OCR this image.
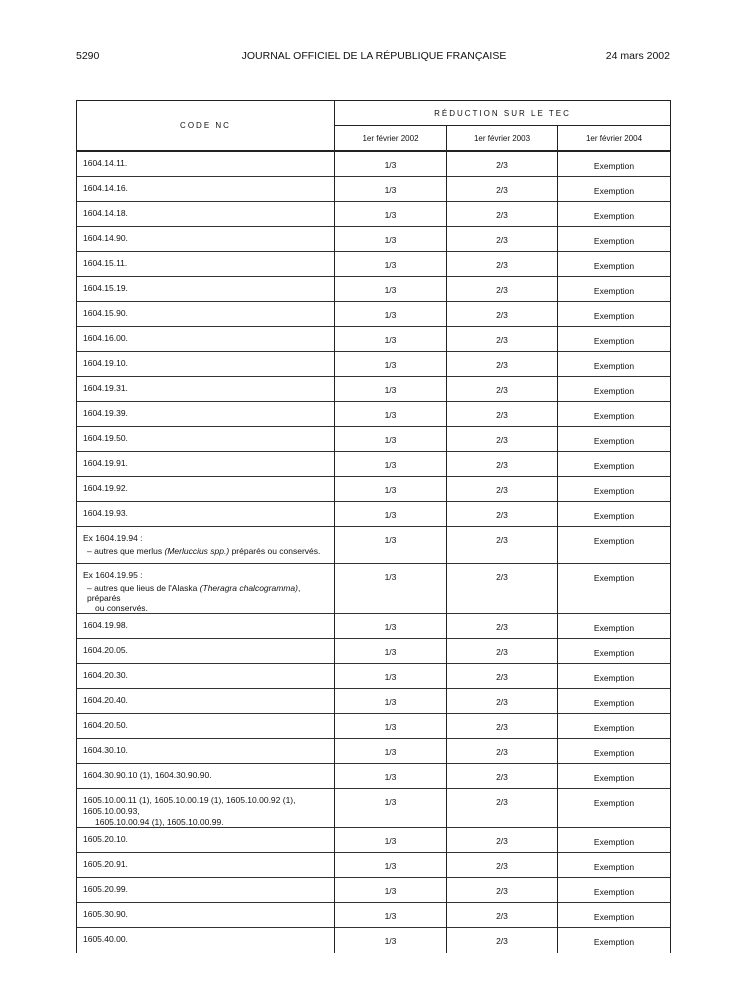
5290	JOURNAL OFFICIEL DE LA RÉPUBLIQUE FRANÇAISE	24 mars 2002
CODE NC	RÉDUCTION SUR LE TEC		
	1er février 2002	1er février 2003	1er février 2004

1604.14.11.	1/3	2/3	Exemption

1604.14.16.	1/3	2/3	Exemption

1604.14.18.	1/3	2/3	Exemption

1604.14.90.	1/3	2/3	Exemption

1604.15.11.	1/3	2/3	Exemption

1604.15.19.	1/3	2/3	Exemption

1604.15.90.	1/3	2/3	Exemption

1604.16.00.	1/3	2/3	Exemption

1604.19.10.	1/3	2/3	Exemption

1604.19.31.	1/3	2/3	Exemption

1604.19.39.	1/3	2/3	Exemption

1604.19.50.	1/3	2/3	Exemption

1604.19.91.	1/3	2/3	Exemption

1604.19.92.	1/3	2/3	Exemption

1604.19.93.	1/3	2/3	Exemption

Ex 1604.19.94 :
– autres que merlus (Merluccius spp.) préparés ou conservés.	1/3	2/3	Exemption

Ex 1604.19.95 :
– autres que lieus de l'Alaska (Theragra chalcogramma), préparés
ou conservés.	1/3	2/3	Exemption

1604.19.98.	1/3	2/3	Exemption

1604.20.05.	1/3	2/3	Exemption

1604.20.30.	1/3	2/3	Exemption

1604.20.40.	1/3	2/3	Exemption

1604.20.50.	1/3	2/3	Exemption

1604.30.10.	1/3	2/3	Exemption

1604.30.90.10 (1), 1604.30.90.90.	1/3	2/3	Exemption

1605.10.00.11 (1), 1605.10.00.19 (1), 1605.10.00.92 (1), 1605.10.00.93,
1605.10.00.94 (1), 1605.10.00.99.	1/3	2/3	Exemption

1605.20.10.	1/3	2/3	Exemption

1605.20.91.	1/3	2/3	Exemption

1605.20.99.	1/3	2/3	Exemption

1605.30.90.	1/3	2/3	Exemption

1605.40.00.	1/3	2/3	Exemption
